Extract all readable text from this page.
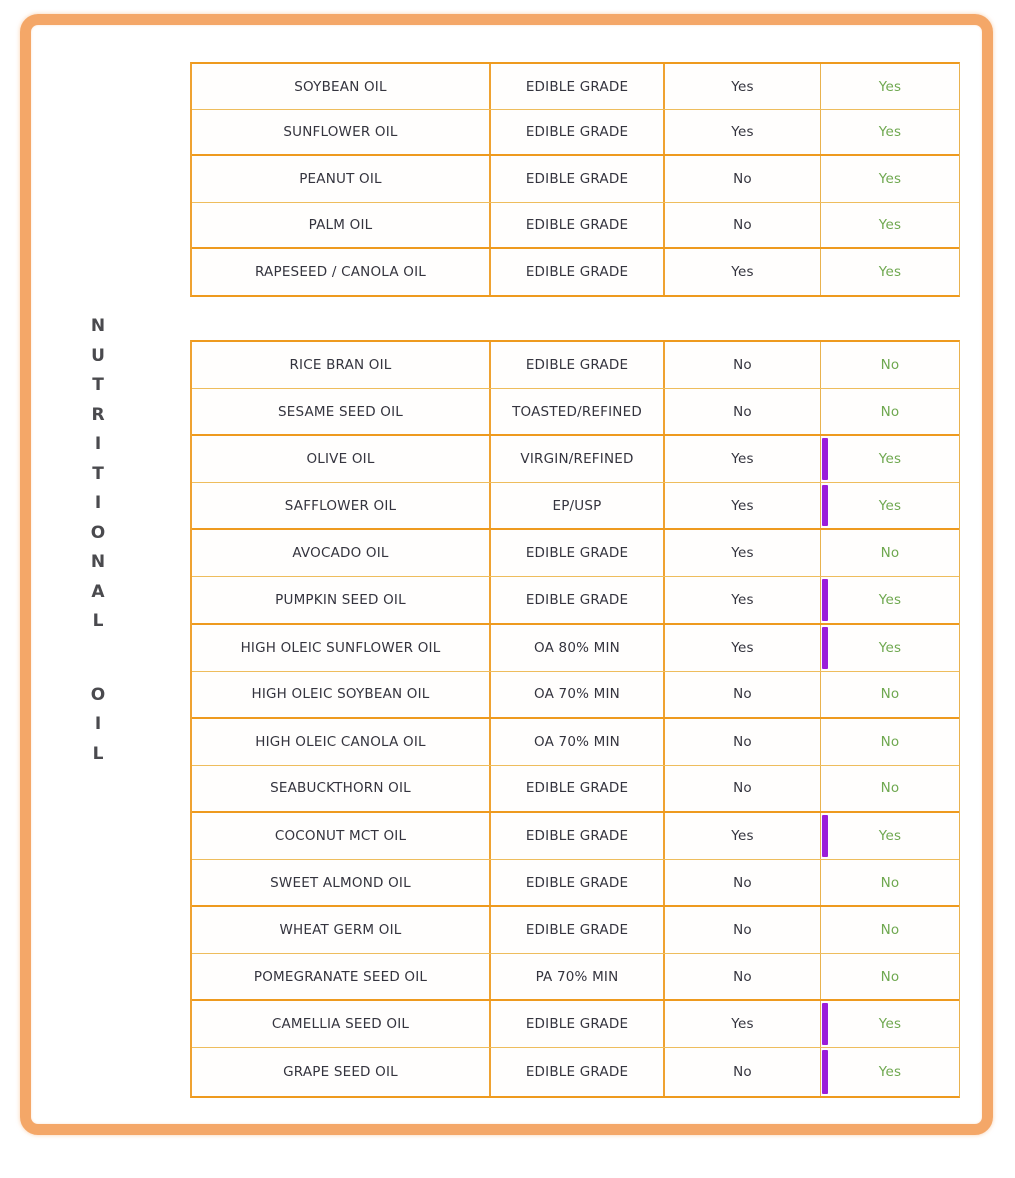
N
U
T
R
I
T
I
O
N
A
L
O
I
L
SOYBEAN OIL	EDIBLE GRADE	Yes	Yes
SUNFLOWER OIL	EDIBLE GRADE	Yes	Yes
PEANUT OIL	EDIBLE GRADE	No	Yes
PALM OIL	EDIBLE GRADE	No	Yes
RAPESEED / CANOLA OIL	EDIBLE GRADE	Yes	Yes
RICE BRAN OIL	EDIBLE GRADE	No	No
SESAME SEED OIL	TOASTED/REFINED	No	No
OLIVE OIL	VIRGIN/REFINED	Yes	Yes
SAFFLOWER OIL	EP/USP	Yes	Yes
AVOCADO OIL	EDIBLE GRADE	Yes	No
PUMPKIN SEED OIL	EDIBLE GRADE	Yes	Yes
HIGH OLEIC SUNFLOWER OIL	OA 80% MIN	Yes	Yes
HIGH OLEIC SOYBEAN OIL	OA 70% MIN	No	No
HIGH OLEIC CANOLA OIL	OA 70% MIN	No	No
SEABUCKTHORN OIL	EDIBLE GRADE	No	No
COCONUT MCT OIL	EDIBLE GRADE	Yes	Yes
SWEET ALMOND OIL	EDIBLE GRADE	No	No
WHEAT GERM OIL	EDIBLE GRADE	No	No
POMEGRANATE SEED OIL	PA 70% MIN	No	No
CAMELLIA SEED OIL	EDIBLE GRADE	Yes	Yes
GRAPE SEED OIL	EDIBLE GRADE	No	Yes
